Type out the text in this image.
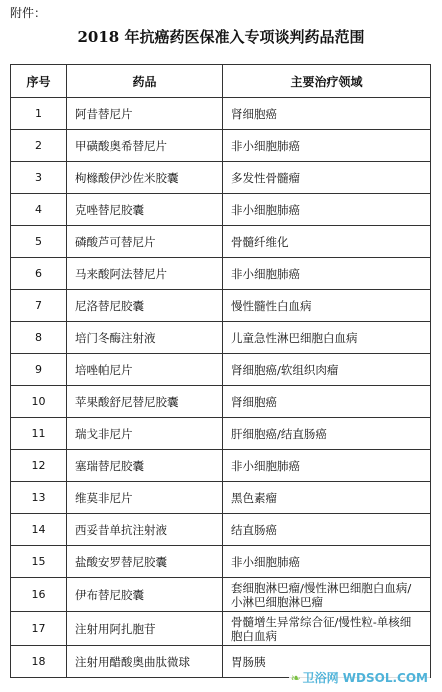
附件：
2018 年抗癌药医保准入专项谈判药品范围
序号	药品	主要治疗领域
1	阿昔替尼片	肾细胞癌
2	甲磺酸奥希替尼片	非小细胞肺癌
3	枸橼酸伊沙佐米胶囊	多发性骨髓瘤
4	克唑替尼胶囊	非小细胞肺癌
5	磷酸芦可替尼片	骨髓纤维化
6	马来酸阿法替尼片	非小细胞肺癌
7	尼洛替尼胶囊	慢性髓性白血病
8	培门冬酶注射液	儿童急性淋巴细胞白血病
9	培唑帕尼片	肾细胞癌/软组织肉瘤
10	苹果酸舒尼替尼胶囊	肾细胞癌
11	瑞戈非尼片	肝细胞癌/结直肠癌
12	塞瑞替尼胶囊	非小细胞肺癌
13	维莫非尼片	黑色素瘤
14	西妥昔单抗注射液	结直肠癌
15	盐酸安罗替尼胶囊	非小细胞肺癌
16	伊布替尼胶囊	套细胞淋巴瘤/慢性淋巴细胞白血病/小淋巴细胞淋巴瘤
17	注射用阿扎胞苷	骨髓增生异常综合征/慢性粒-单核细胞白血病
18	注射用醋酸奥曲肽微球	胃肠胰
❧ 卫浴网 WDSOL.COM
